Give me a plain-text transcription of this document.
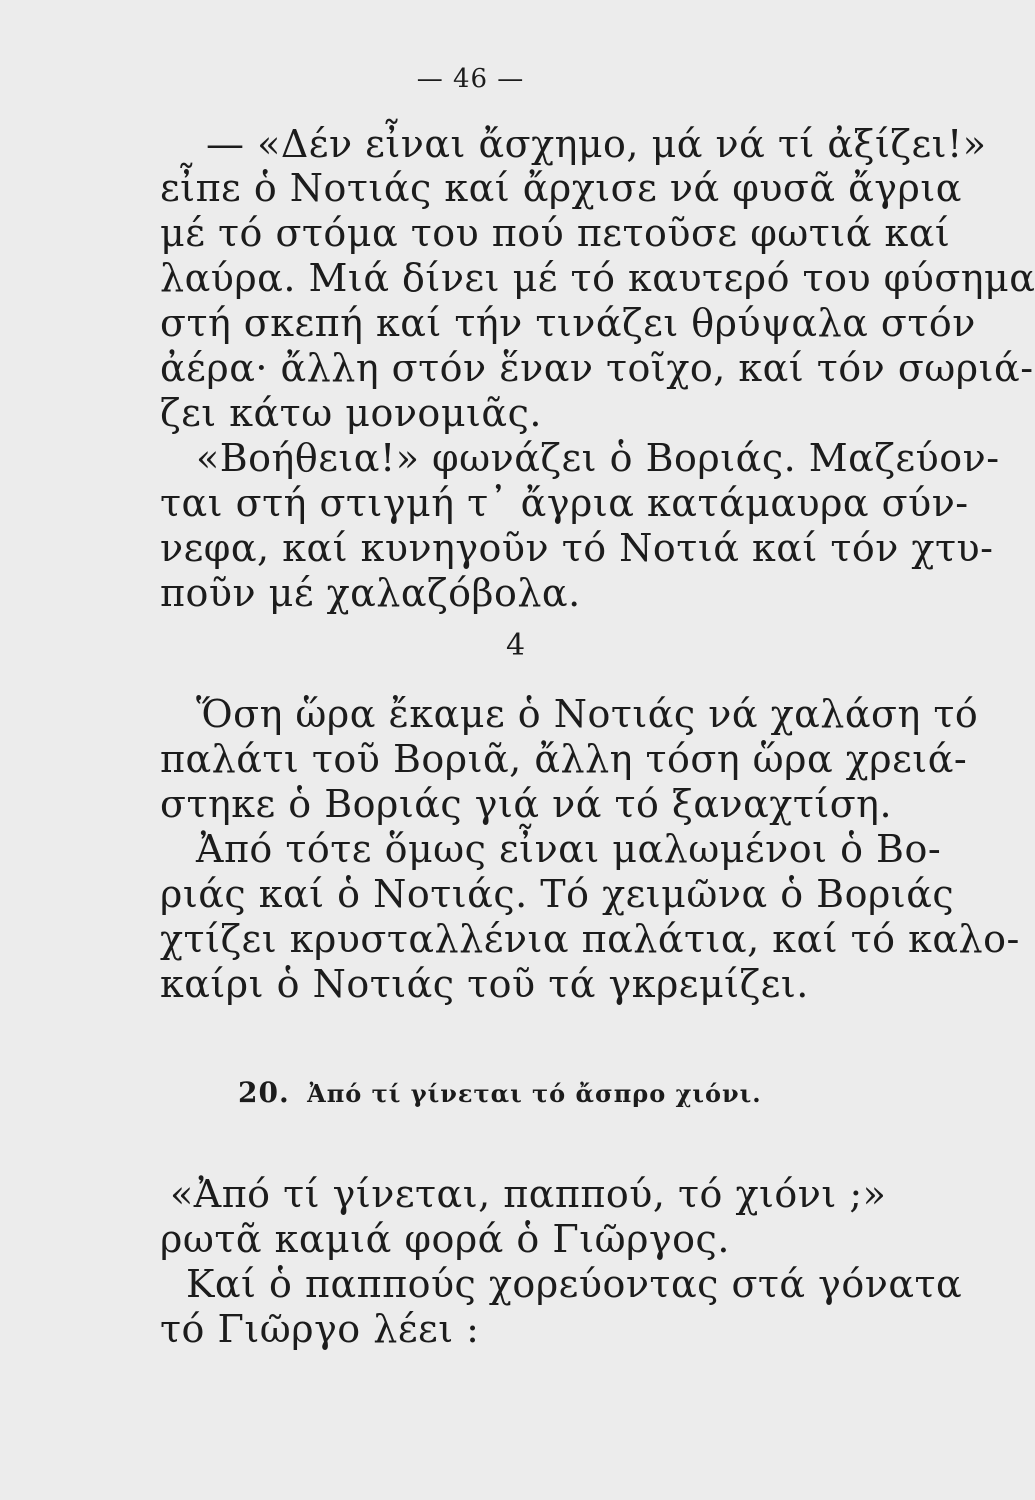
— 46 —
— «Δέν εἶναι ἄσχημο, μά νά τί ἀξίζει!»
εἶπε ὁ Νοτιάς καί ἄρχισε νά φυσᾶ ἄγρια
μέ τό στόμα του πού πετοῦσε φωτιά καί
λαύρα. Μιά δίνει μέ τό καυτερό του φύσημα
στή σκεπή καί τήν τινάζει θρύψαλα στόν
ἀέρα· ἄλλη στόν ἕναν τοῖχο, καί τόν σωριά-
ζει κάτω μονομιᾶς.
«Βοήθεια!» φωνάζει ὁ Βοριάς. Μαζεύον-
ται στή στιγμή τ᾿ ἄγρια κατάμαυρα σύν-
νεφα, καί κυνηγοῦν τό Νοτιά καί τόν χτυ-
ποῦν μέ χαλαζόβολα.
4
Ὅση ὥρα ἔκαμε ὁ Νοτιάς νά χαλάση τό
παλάτι τοῦ Βοριᾶ, ἄλλη τόση ὥρα χρειά-
στηκε ὁ Βοριάς γιά νά τό ξαναχτίση.
Ἀπό τότε ὅμως εἶναι μαλωμένοι ὁ Βο-
ριάς καί ὁ Νοτιάς. Τό χειμῶνα ὁ Βοριάς
χτίζει κρυσταλλένια παλάτια, καί τό καλο-
καίρι ὁ Νοτιάς τοῦ τά γκρεμίζει.
20. Ἀπό τί γίνεται τό ἄσπρο χιόνι.
«Ἀπό τί γίνεται, παππού, τό χιόνι ;»
ρωτᾶ καμιά φορά ὁ Γιῶργος.
Καί ὁ παππούς χορεύοντας στά γόνατα
τό Γιῶργο λέει :
